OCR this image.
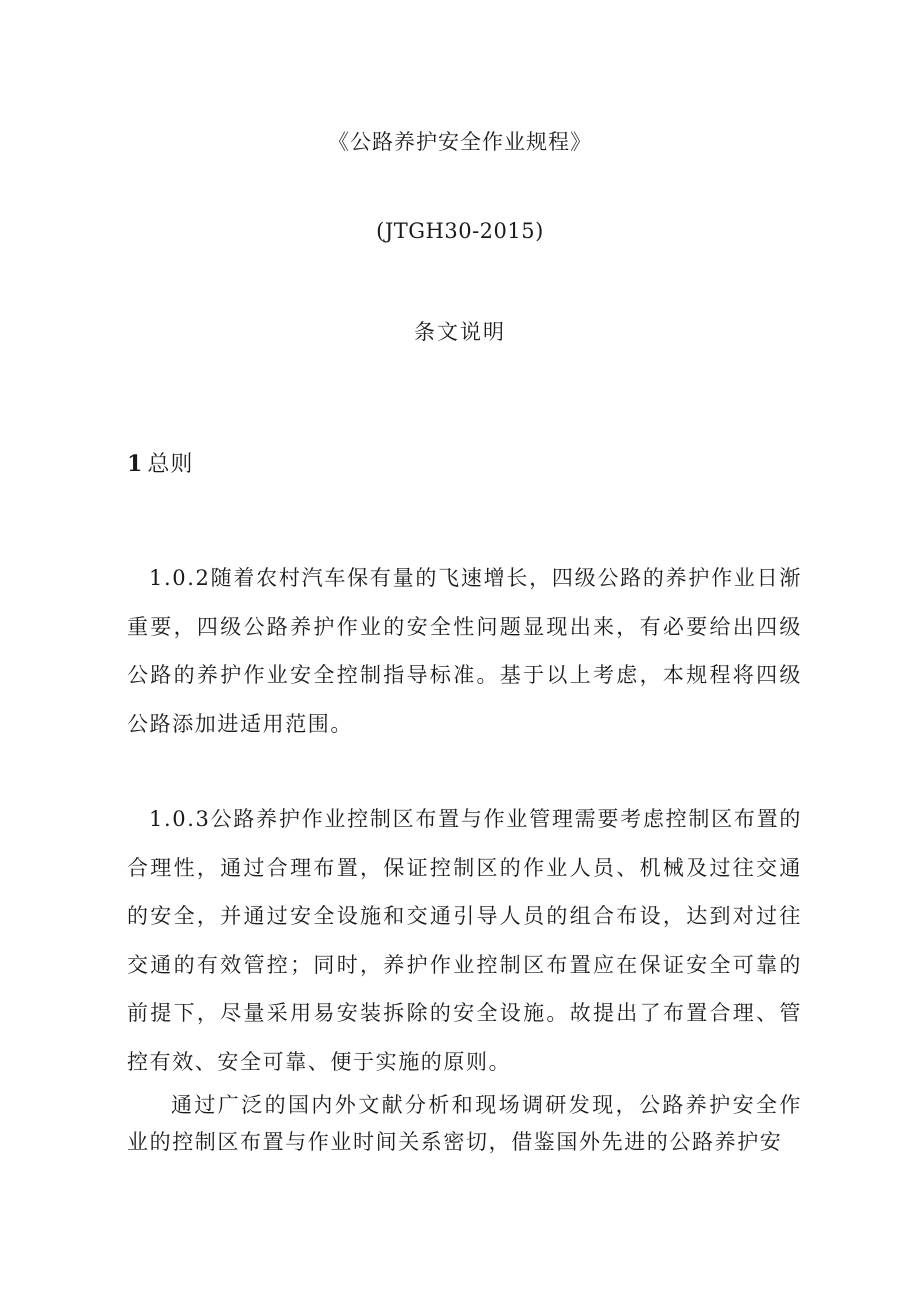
《公路养护安全作业规程》
(JTGH30-2015)
条文说明
1 总则

1.0.2随着农村汽车保有量的飞速增长，四级公路的养护作业日渐重要，四级公路养护作业的安全性问题显现出来，有必要给出四级公路的养护作业安全控制指导标准。基于以上考虑，本规程将四级公路添加进适用范围。

1.0.3公路养护作业控制区布置与作业管理需要考虑控制区布置的合理性，通过合理布置，保证控制区的作业人员、机械及过往交通的安全，并通过安全设施和交通引导人员的组合布设，达到对过往交通的有效管控；同时，养护作业控制区布置应在保证安全可靠的前提下，尽量采用易安装拆除的安全设施。故提出了布置合理、管控有效、安全可靠、便于实施的原则。

通过广泛的国内外文献分析和现场调研发现，公路养护安全作业的控制区布置与作业时间关系密切，借鉴国外先进的公路养护安
